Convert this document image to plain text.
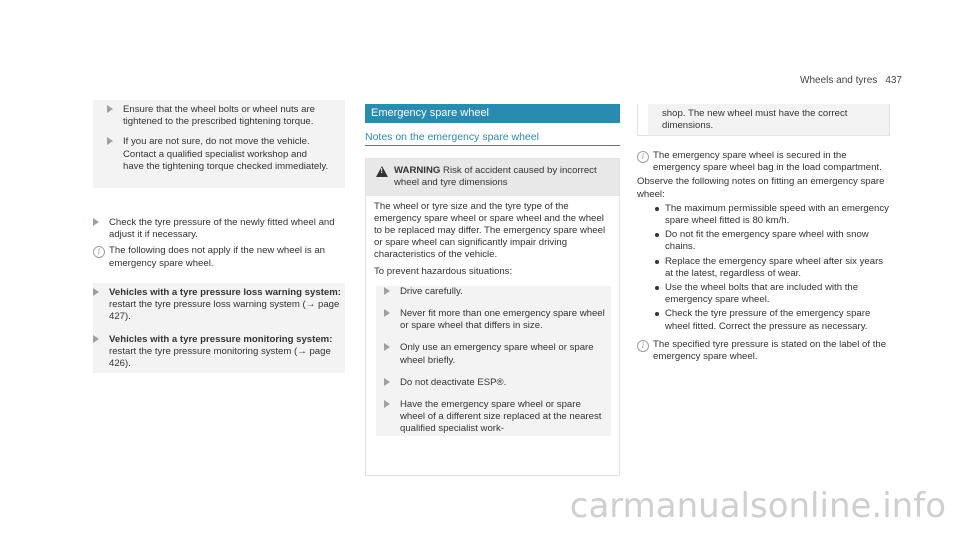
Wheels and tyres 437

Ensure that the wheel bolts or wheel nuts are tightened to the prescribed tightening torque.

If you are not sure, do not move the vehicle. Contact a qualified specialist workshop and have the tightening torque checked immediately.

Check the tyre pressure of the newly fitted wheel and adjust it if necessary.

i The following does not apply if the new wheel is an emergency spare wheel.

Vehicles with a tyre pressure loss warning system: restart the tyre pressure loss warning system (→ page 427).

Vehicles with a tyre pressure monitoring system: restart the tyre pressure monitoring system (→ page 426).

Emergency spare wheel
Notes on the emergency spare wheel
!
WARNING Risk of accident caused by incorrect wheel and tyre dimensions

The wheel or tyre size and the tyre type of the emergency spare wheel or spare wheel and the wheel to be replaced may differ. The emergency spare wheel or spare wheel can significantly impair driving characteristics of the vehicle.

To prevent hazardous situations:

Drive carefully.

Never fit more than one emergency spare wheel or spare wheel that differs in size.

Only use an emergency spare wheel or spare wheel briefly.

Do not deactivate ESP®.

Have the emergency spare wheel or spare wheel of a different size replaced at the nearest qualified specialist work-

shop. The new wheel must have the correct dimensions.

i The emergency spare wheel is secured in the emergency spare wheel bag in the load compartment.

Observe the following notes on fitting an emergency spare wheel:

The maximum permissible speed with an emergency spare wheel fitted is 80 km/h.

Do not fit the emergency spare wheel with snow chains.

Replace the emergency spare wheel after six years at the latest, regardless of wear.

Use the wheel bolts that are included with the emergency spare wheel.

Check the tyre pressure of the emergency spare wheel fitted. Correct the pressure as necessary.

i The specified tyre pressure is stated on the label of the emergency spare wheel.

carmanualsonline.info
